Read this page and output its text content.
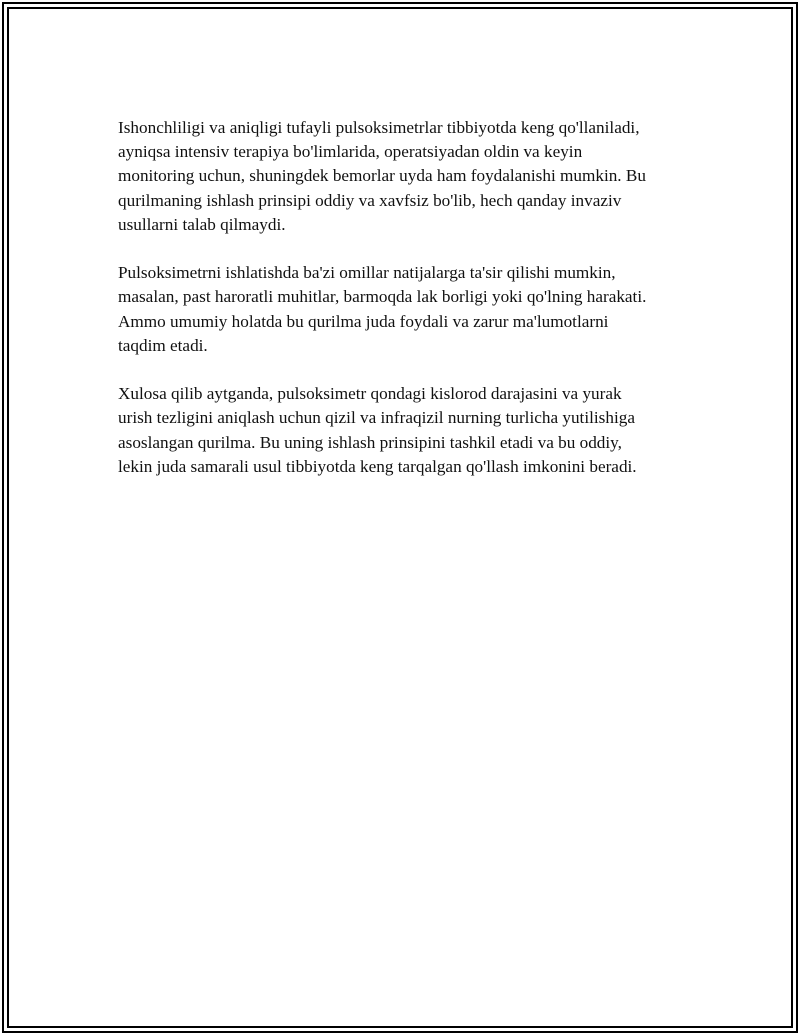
Ishonchliligi va aniqligi tufayli pulsoksimetrlar tibbiyotda keng qo'llaniladi,
ayniqsa intensiv terapiya bo'limlarida, operatsiyadan oldin va keyin
monitoring uchun, shuningdek bemorlar uyda ham foydalanishi mumkin. Bu
qurilmaning ishlash prinsipi oddiy va xavfsiz bo'lib, hech qanday invaziv
usullarni talab qilmaydi.

Pulsoksimetrni ishlatishda ba'zi omillar natijalarga ta'sir qilishi mumkin,
masalan, past haroratli muhitlar, barmoqda lak borligi yoki qo'lning harakati.
Ammo umumiy holatda bu qurilma juda foydali va zarur ma'lumotlarni
taqdim etadi.

Xulosa qilib aytganda, pulsoksimetr qondagi kislorod darajasini va yurak
urish tezligini aniqlash uchun qizil va infraqizil nurning turlicha yutilishiga
asoslangan qurilma. Bu uning ishlash prinsipini tashkil etadi va bu oddiy,
lekin juda samarali usul tibbiyotda keng tarqalgan qo'llash imkonini beradi.
